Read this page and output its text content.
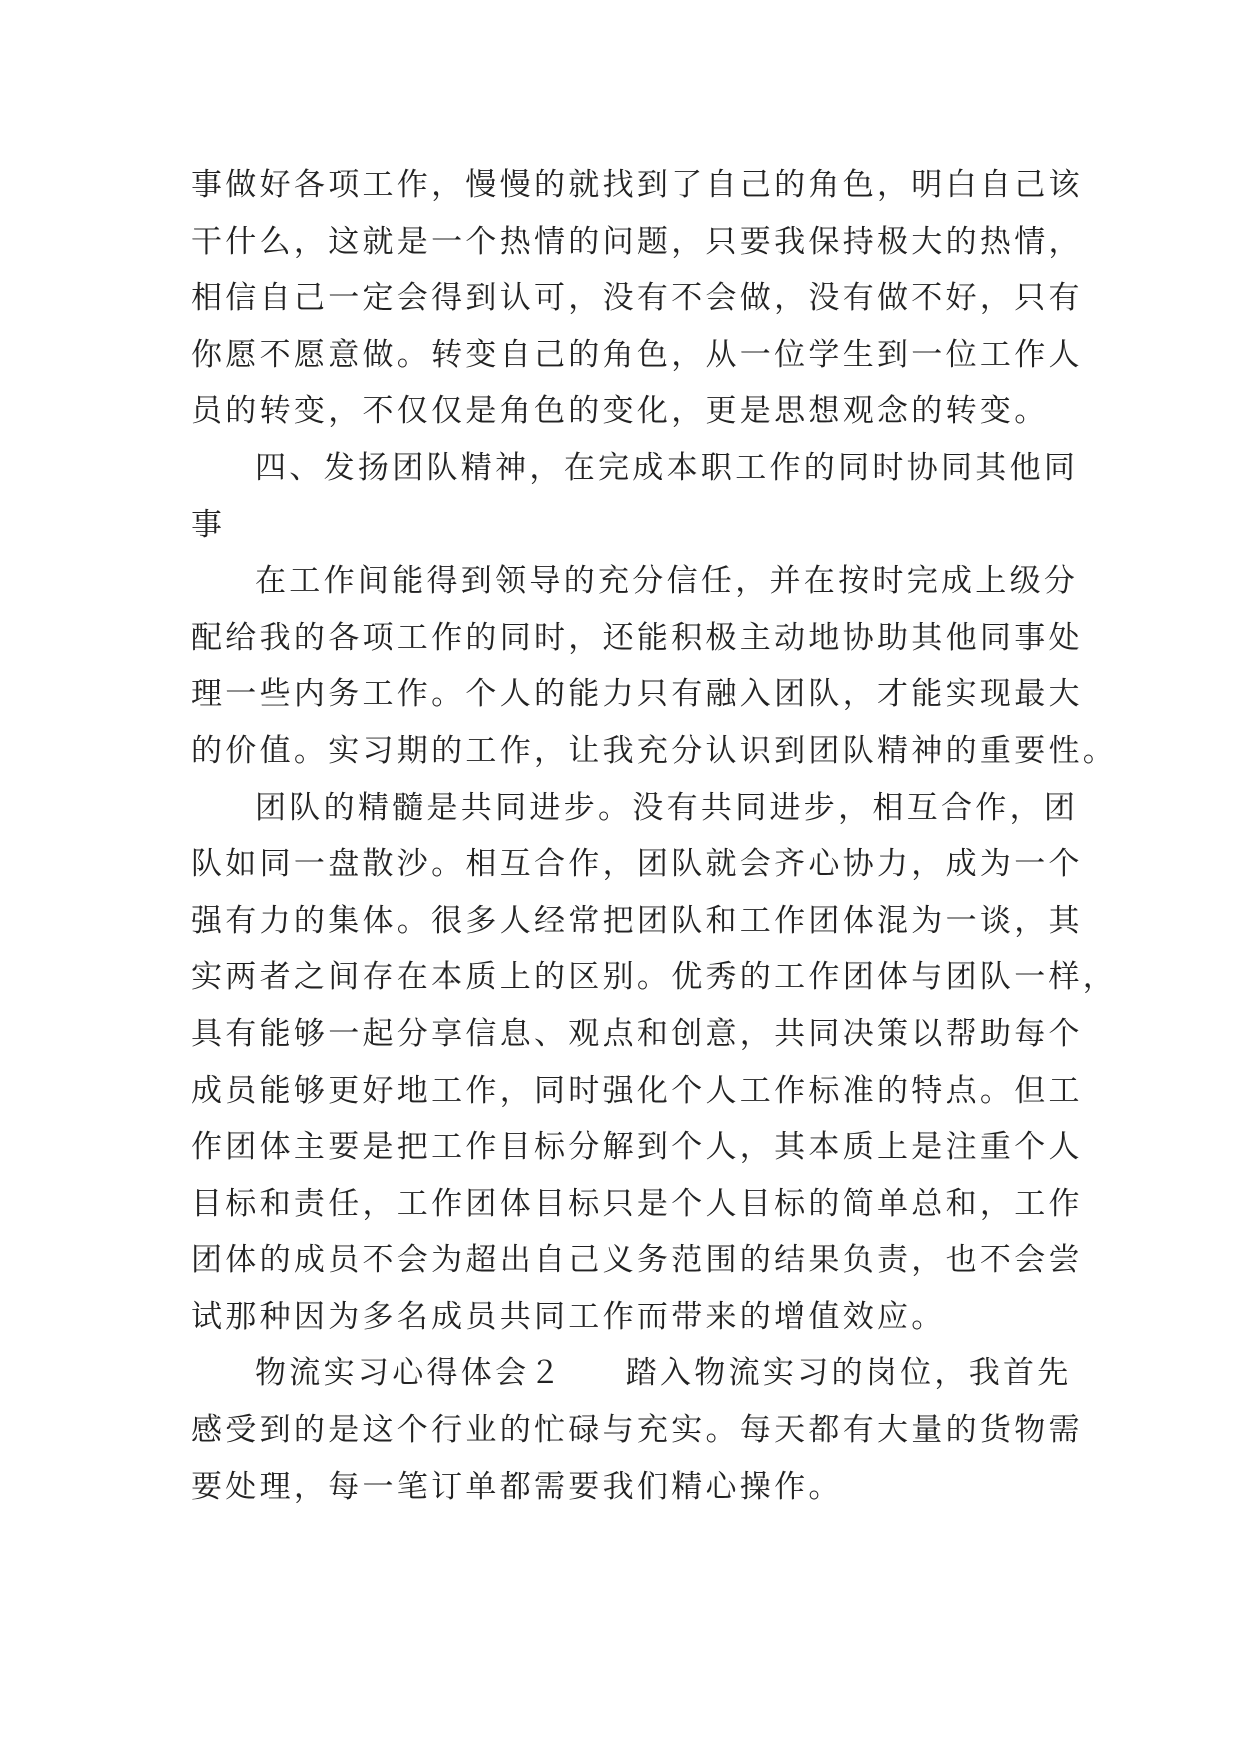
事做好各项工作，慢慢的就找到了自己的角色，明白自己该
干什么，这就是一个热情的问题，只要我保持极大的热情，
相信自己一定会得到认可，没有不会做，没有做不好，只有
你愿不愿意做。转变自己的角色，从一位学生到一位工作人
员的转变，不仅仅是角色的变化，更是思想观念的转变。
四、发扬团队精神，在完成本职工作的同时协同其他同
事
在工作间能得到领导的充分信任，并在按时完成上级分
配给我的各项工作的同时，还能积极主动地协助其他同事处
理一些内务工作。个人的能力只有融入团队，才能实现最大
的价值。实习期的工作，让我充分认识到团队精神的重要性。
团队的精髓是共同进步。没有共同进步，相互合作，团
队如同一盘散沙。相互合作，团队就会齐心协力，成为一个
强有力的集体。很多人经常把团队和工作团体混为一谈，其
实两者之间存在本质上的区别。优秀的工作团体与团队一样，
具有能够一起分享信息、观点和创意，共同决策以帮助每个
成员能够更好地工作，同时强化个人工作标准的特点。但工
作团体主要是把工作目标分解到个人，其本质上是注重个人
目标和责任，工作团体目标只是个人目标的简单总和，工作
团体的成员不会为超出自己义务范围的结果负责，也不会尝
试那种因为多名成员共同工作而带来的增值效应。
物流实习心得体会２ 踏入物流实习的岗位，我首先
感受到的是这个行业的忙碌与充实。每天都有大量的货物需
要处理，每一笔订单都需要我们精心操作。
